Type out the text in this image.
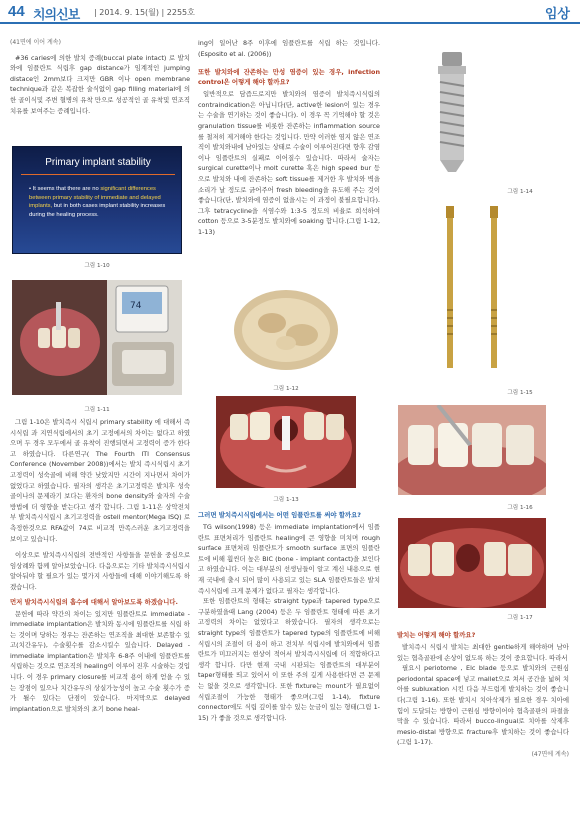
44 치의신보 | 2014. 9. 15(월) | 2255호	임상
(41면에 이어 계속)
#36 caries에 의한 발치 증례(buccal plate intact) 로 발치와에 임플란트 식립후 gap distance가 임계적인 jumping distace인 2mm보다 크지만 GBR 이나 open membrane technique과 같은 복잡한 술식없이 gap filling material에 의한 골이식및 주변 혈병의 유착 만으로 성공적인 골 유착및 연조직 치유를 보여주는 증례입니다.
Primary implant stability
• It seems that there are no significant differences between primary stability of immediate and delayed implants, but in both cases implant stability increases during the healing process.
그림 1-10
74
그림 1-11
그림 1-10은 발치즉시 식립시 primary stability 에 대해서 즉시식립 과 지연식립에서의 초기 고정에서의 차이는 없다고 하였으며 두 경우 모두에서 골 유착이 진행되면서 고정력이 증가 한다고 하였습니다. 다른연구( The Fourth ITI Consensus Conference (November 2008))에서는 발치 즉시식립시 초기고정력이 성숙골에 비해 약간 낮았지만 시간이 지나면서 차이가 없었다고 하였습니다. 필자의 생각은 초기고정력은 발치후 성숙골이나의 문제라기 보다는 환자의 bone density와 술자의 수술 방법에 더 영향을 받는다고 생각 합니다. 그림 1-11은 상악전치부 발치즉시식립시 초기고정력을 ostell mentor(Mega ISQ) 로 측정한것으로 RFA값이 74로 비교적 만족스러운 초기고정력을 보이고 있습니다.
이상으로 발치즉시식립의 전반적인 사항들을 문헌을 중심으로 임상례와 함께 알아보았습니다. 다음으로는 기타 발치즉시식립시 알아둬야 할 필요가 있는 몇가지 사항들에 대해 이야기해도록 하겠습니다.
먼저 발치즉시식립의 흡수에 대해서 알아보도록 하겠습니다.
문헌에 따라 약간의 차이는 있지만 임플란트로 immediate - immediate implantation은 발치와 동시에 임플란트를 식립 하는 것이며 당하는 경우는 잔존하는 연조직을 최대한 보존할수 있고(치간유두), 수술횟수를 감소시킬수 있습니다. Delayed - immediate implantation은 발치후 6-8주 이내에 임플란트를 식립하는 것으로 연조직의 healing이 이루어 진후 시술하는 것입니다. 이 경우 primary closure를 비교적 용이 하게 얻을 수 있는 장점이 있으나 치간유두의 상실가능성이 높고 수술 횟수가 증가 될수 있다는 단점이 있습니다. 마지막으로 delayed implantation으로 발치와의 초기 bone heal-
ing이 일어난 8주 이후에 임플란트를 식립 하는 것입니다.(Esposito et al. (2006))
또한 발치와에 잔존하는 만성 염증이 있는 경우, infection control은 어떻게 해야 할까요?
일반적으로 담즙드로지만 발치와의 염증이 발치즉시식립의 contraindication은 아닙니다(단, active한 lesion이 있는 경우는 수술을 연기하는 것이 좋습니다). 이 경우 꼭 기억해야 할 것은 granulation tissue를 비롯한 잔존하는 inflammation source를 철저히 제거해야 한다는 것입니다. 만약 이러한 염지 않은 연조직이 발치와내에 남아있는 상태로 수술이 이루어진다면 향후 감염이나 임플란트의 실패로 이어질수 있습니다. 따라서 술자는 surgical curette이나 molt curette 혹은 high speed bur 등으로 발치와 내에 잔존하는 soft tissue를 제거한 후 발치와 벽을 소리가 날 정도로 긁어주어 fresh bleeding을 유도해 주는 것이 좋습니다(단, 발치와에 염증이 없을시는 이 과정이 불필요합니다). 그후 tetracycline을 식염수와 1:3-5 정도의 비율로 희석하여 cotton 등으로 3-5분정도 발치와에 soaking 합니다.(그림 1-12, 1-13)
그림 1-12
그림 1-13
그러면 발치즉시식립에서는 어떤 임플란트를 써야 할까요?
TG wilson(1998) 등은 immediate implantation에서 임플란트 표면처리가 임플란트 healing에 큰 영향을 미치며 rough surface 표면처리 임플란트가 smooth surface 표면의 임플란트에 비해 훨씬더 높은 BIC (bone - implant contact)을 보인다고 하였습니다. 이는 대부분의 선생님들이 알고 계신 내용으로 현재 국내에 출시 되어 많이 사용되고 있는 SLA 임플란트들은 발치즉시식립에 크게 문제가 없다고 필자는 생각합니다.
또한 임플란트의 형태는 straight type과 tapered type으로 구분하였을때 Lang (2004) 등은 두 임플란트 형태에 따른 초기 고정력의 차이는 없었다고 하였습니다. 필자의 생각으로는 straight type의 임플란트가 tapered type의 임플란트에 비해 식립시의 조절이 더 용이 하고 전치부 식립시에 발치와에서 임플란트가 미끄러지는 현상이 적어서 발치즉시식립에 더 적합하다고 생각 합니다. 다만 현재 국내 시판되는 임플란트의 대부분이 taper형태를 띄고 있어서 이 또한 주의 깊게 사용한다면 큰 문제는 없을 것으로 생각합니다. 또한 fixture는 mount가 필요없이 식립조절이 가능한 형태가 좋으며(그림 1-14), fixture connector에도 식립 깊이를 알수 있는 눈금이 있는 형태(그림 1-15) 가 좋을 것으로 생각합니다.
그림 1-14
그림 1-15
그림 1-16
그림 1-17
발치는 어떻게 해야 할까요?
발치즉시 식립시 발치는 최대한 gentle하게 해야하며 남아있는 협측골판에 손상이 없도록 하는 것이 중요합니다. 따라서
필요시 periotome , Elc blade 등으로 발치와의 근원심 periodontal space에 넣고 mallet으로 쳐서 공간을 넓혀 치아를 subluxation 시킨 다음 부드럽게 발치하는 것이 좋습니다(그림 1-16). 또한 발치시 치아삭제가 필요한 경우 치아에 힘이 도달되는 방향이 근원심 방향이어야 협측골판의 파절을 막을 수 있습니다. 따라서 bucco-lingual로 치아를 삭제후 mesio-distal 방향으로 fracture후 발치하는 것이 좋습니다(그림 1-17).
(47면에 계속)
